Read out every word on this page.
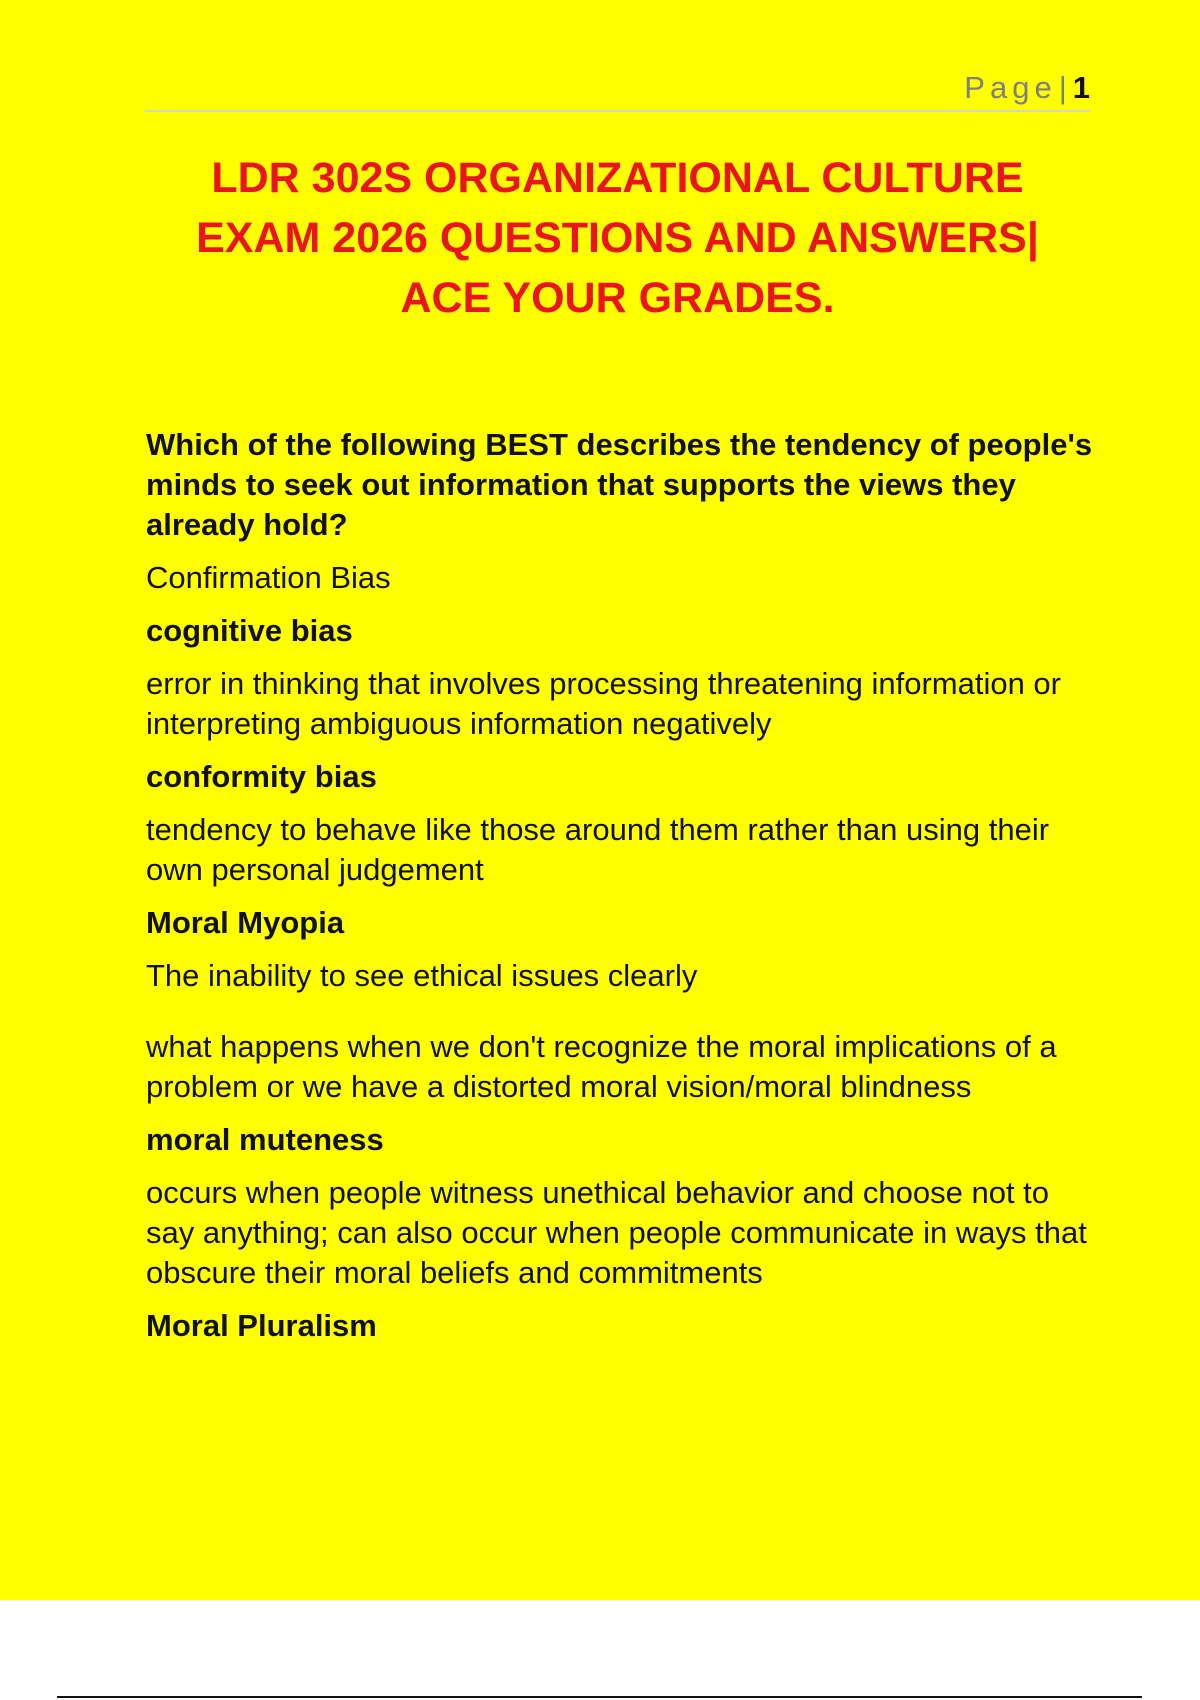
Page| 1
LDR 302S ORGANIZATIONAL CULTURE
EXAM 2026 QUESTIONS AND ANSWERS|
ACE YOUR GRADES.

Which of the following BEST describes the tendency of people's minds to seek out information that supports the views they already hold?

Confirmation Bias

cognitive bias

error in thinking that involves processing threatening information or interpreting ambiguous information negatively

conformity bias

tendency to behave like those around them rather than using their own personal judgement

Moral Myopia

The inability to see ethical issues clearly

what happens when we don't recognize the moral implications of a problem or we have a distorted moral vision/moral blindness

moral muteness

occurs when people witness unethical behavior and choose not to say anything; can also occur when people communicate in ways that obscure their moral beliefs and commitments

Moral Pluralism
